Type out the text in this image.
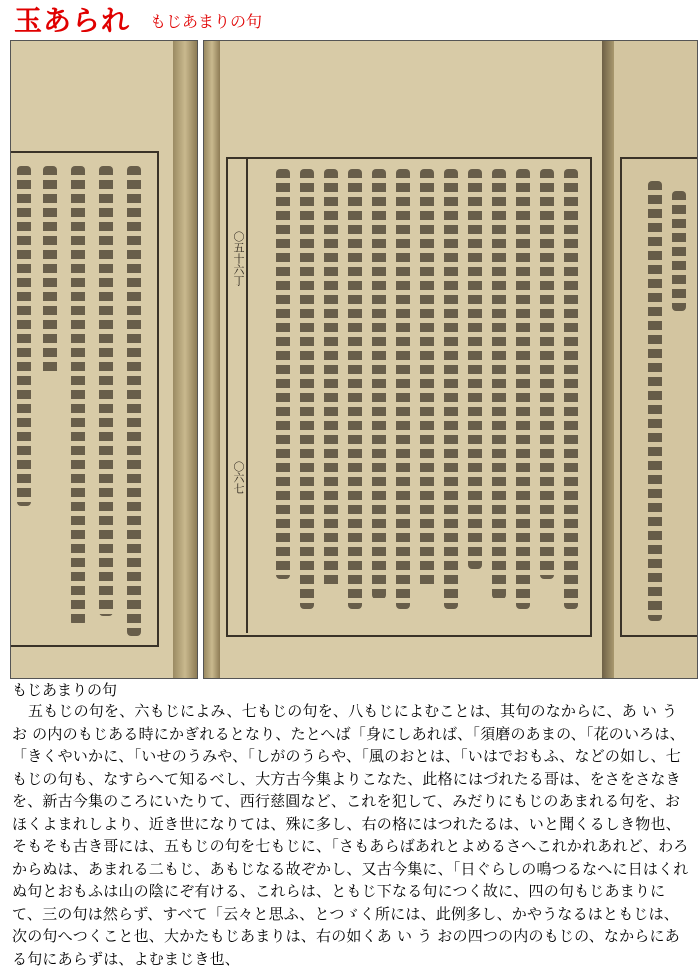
玉あられ もじあまりの句
〇五十六丁
〇六七
もじあまりの句

五もじの句を、六もじによみ、七もじの句を、八もじによむことは、其句のなからに、あ い う お の内のもじある時にかぎれるとなり、たとへば「身にしあれば、「須磨のあまの、「花のいろは、「きくやいかに、「いせのうみや、「しがのうらや、「風のおとは、「いはでおもふ、などの如し、七もじの句も、なすらへて知るべし、大方古今集よりこなた、此格にはづれたる哥は、をさをさなきを、新古今集のころにいたりて、西行慈圓など、これを犯して、みだりにもじのあまれる句を、おほくよまれしより、近き世になりては、殊に多し、右の格にはつれたるは、いと聞くるしき物也、そもそも古き哥には、五もじの句を七もじに、「さもあらばあれとよめるさへこれかれあれど、わろからぬは、あまれる二もじ、あもじなる故ぞかし、又古今集に、「日ぐらしの鳴つるなへに日はくれぬ句とおもふは山の陰にぞ有ける、これらは、ともじ下なる句につく故に、四の句もじあまりにて、三の句は然らず、すべて「云々と思ふ、とつゞく所には、此例多し、かやうなるはともじは、次の句へつくこと也、大かたもじあまりは、右の如くあ い う おの四つの内のもじの、なからにある句にあらずは、よむまじき也、
